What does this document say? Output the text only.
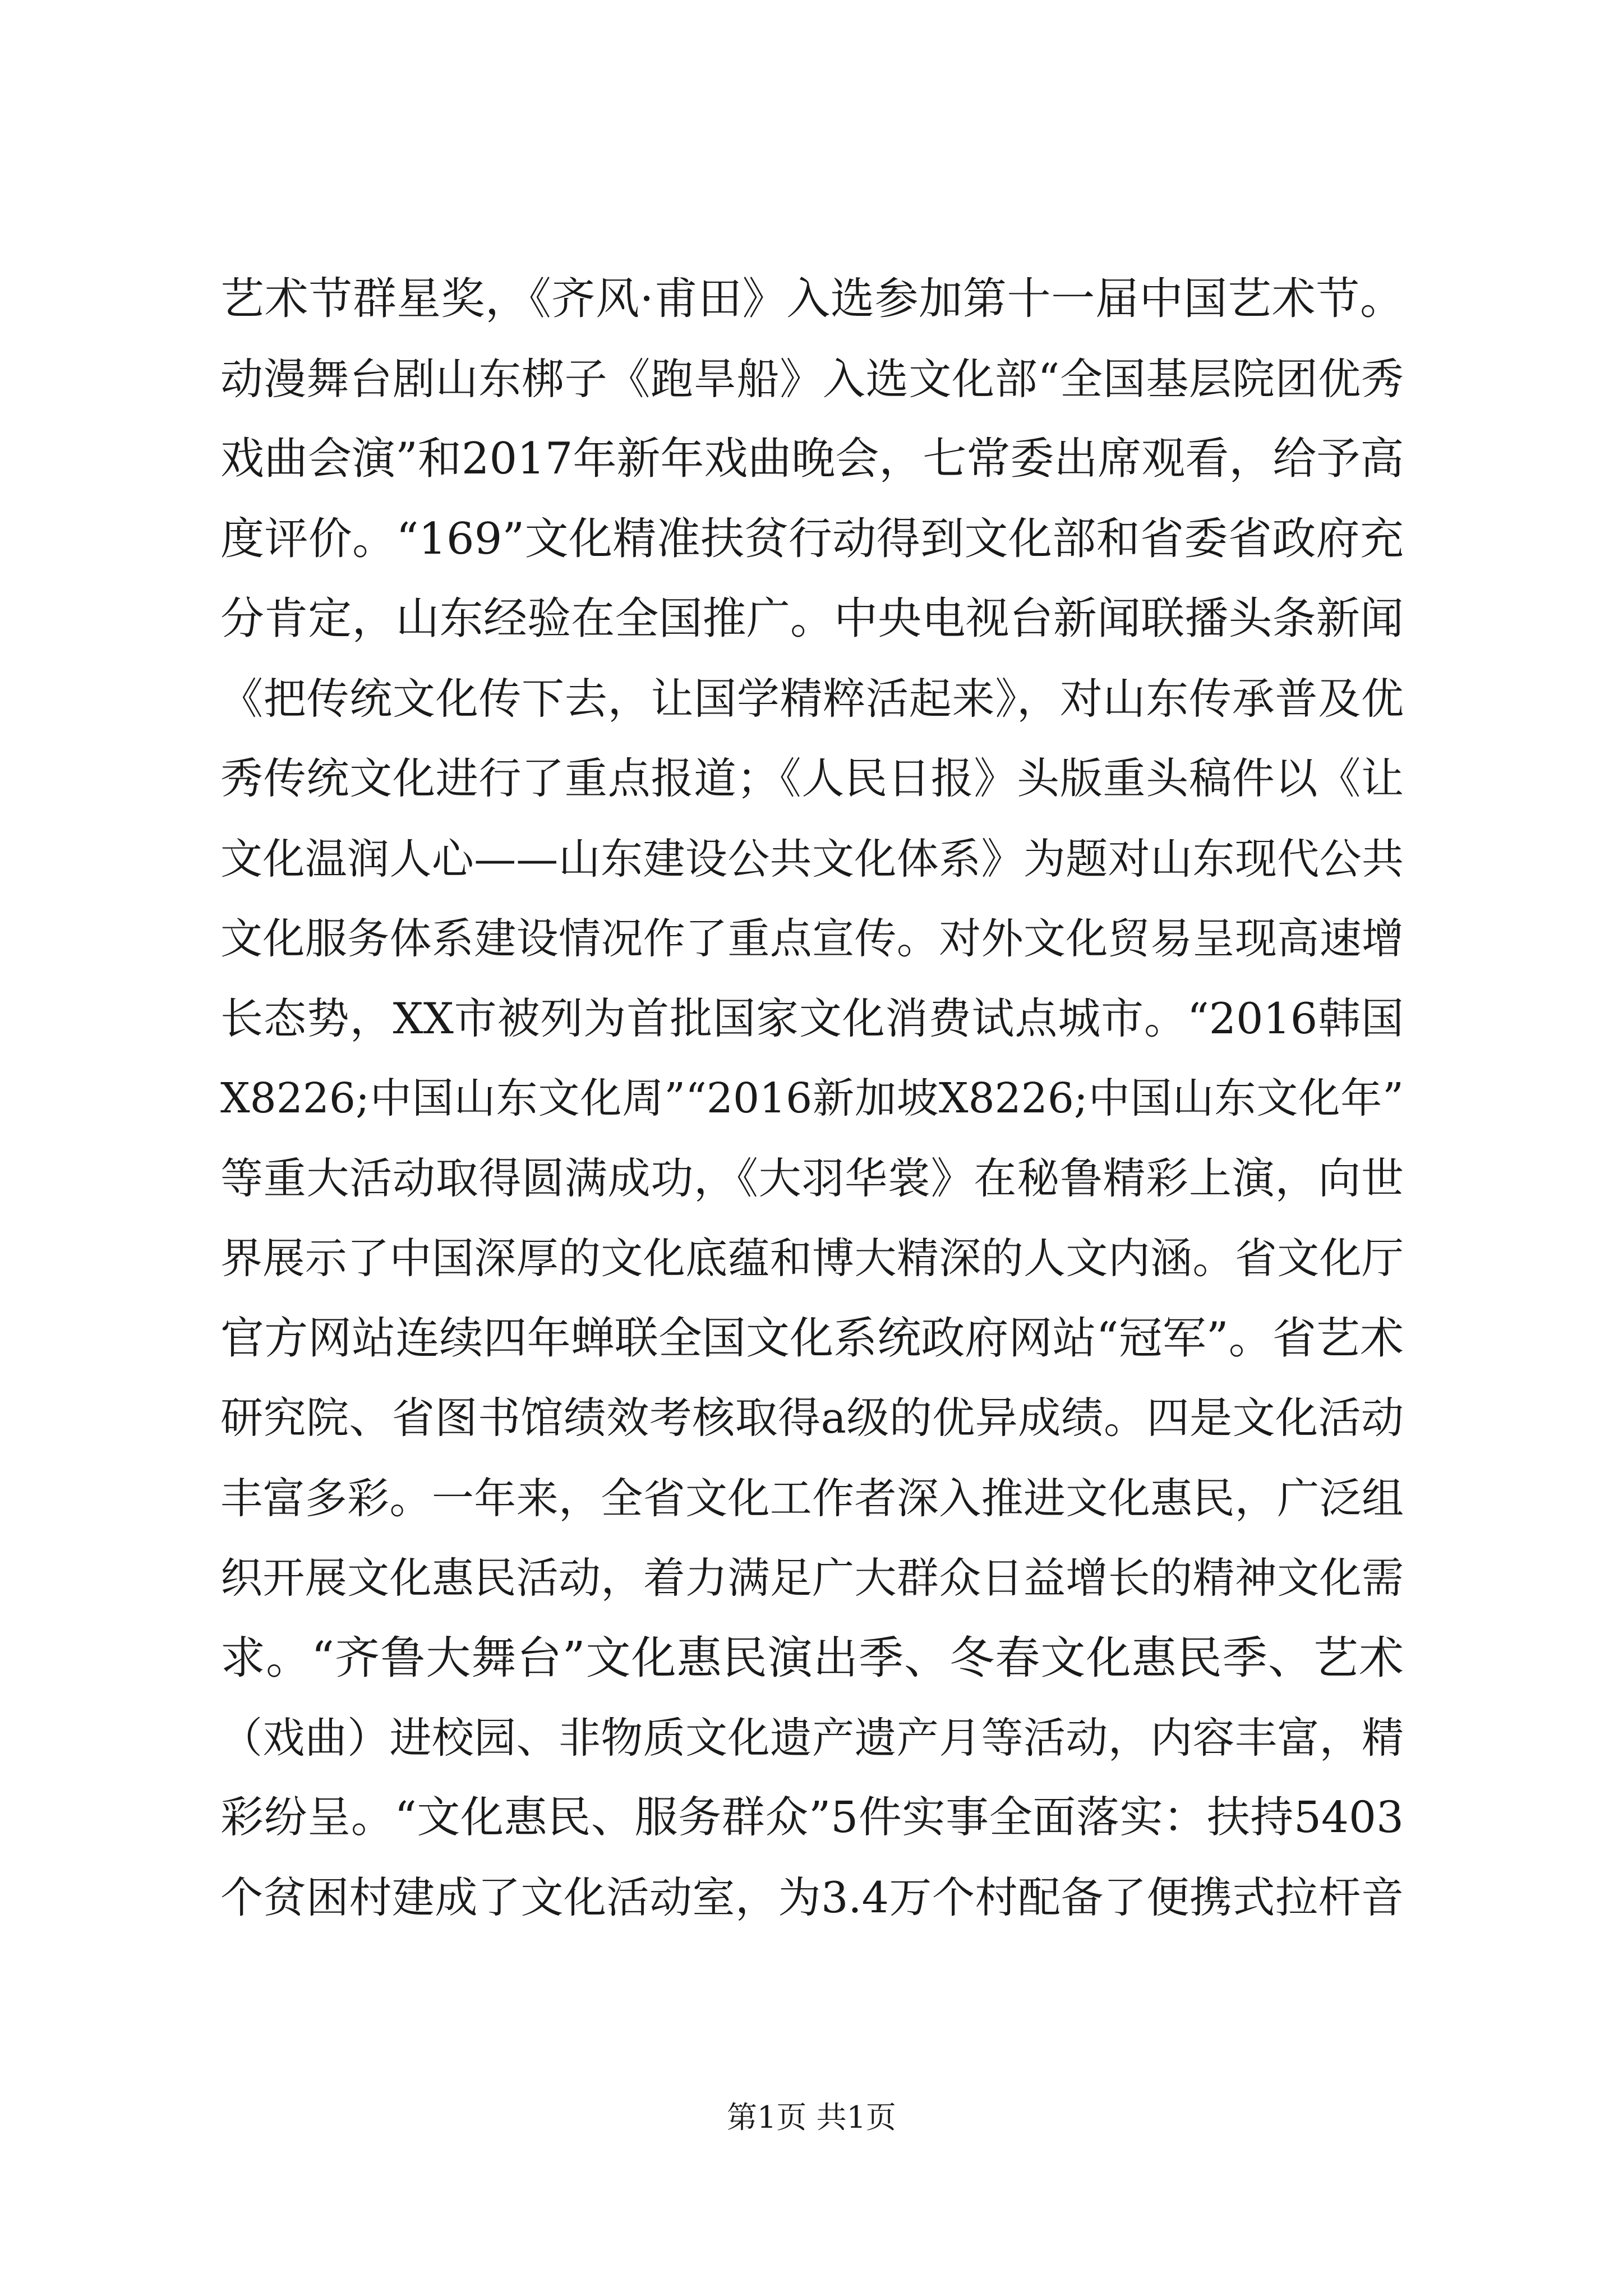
艺术节群星奖，《齐风·甫田》入选参加第十一届中国艺术节。
动漫舞台剧山东梆子《跑旱船》入选文化部“全国基层院团优秀
戏曲会演”和2017年新年戏曲晚会，七常委出席观看，给予高
度评价。“169”文化精准扶贫行动得到文化部和省委省政府充
分肯定，山东经验在全国推广。中央电视台新闻联播头条新闻
《把传统文化传下去，让国学精粹活起来》，对山东传承普及优
秀传统文化进行了重点报道；《人民日报》头版重头稿件以《让
文化温润人心——山东建设公共文化体系》为题对山东现代公共
文化服务体系建设情况作了重点宣传。对外文化贸易呈现高速增
长态势，XX市被列为首批国家文化消费试点城市。“2016韩国
X8226;中国山东文化周”“2016新加坡X8226;中国山东文化年”
等重大活动取得圆满成功，《大羽华裳》在秘鲁精彩上演，向世
界展示了中国深厚的文化底蕴和博大精深的人文内涵。省文化厅
官方网站连续四年蝉联全国文化系统政府网站“冠军”。省艺术
研究院、省图书馆绩效考核取得a级的优异成绩。四是文化活动
丰富多彩。一年来，全省文化工作者深入推进文化惠民，广泛组
织开展文化惠民活动，着力满足广大群众日益增长的精神文化需
求。“齐鲁大舞台”文化惠民演出季、冬春文化惠民季、艺术
（戏曲）进校园、非物质文化遗产遗产月等活动，内容丰富，精
彩纷呈。“文化惠民、服务群众”5件实事全面落实：扶持5403
个贫困村建成了文化活动室，为3.4万个村配备了便携式拉杆音
第1页 共1页
